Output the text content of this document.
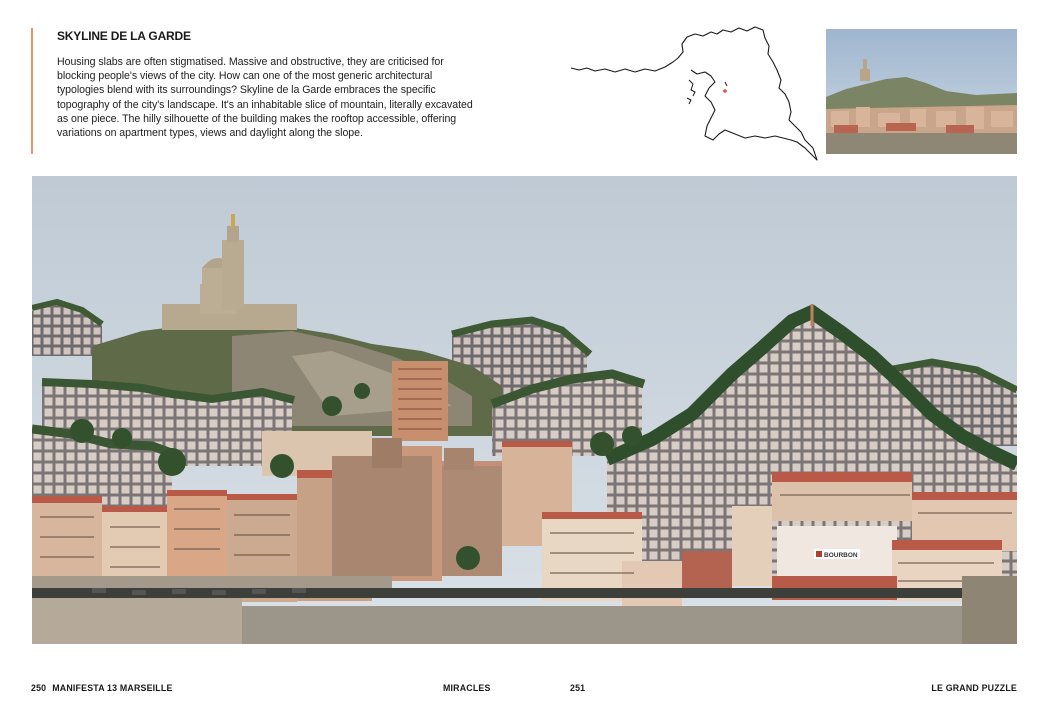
SKYLINE DE LA GARDE

Housing slabs are often stigmatised. Massive and obstructive, they are criticised for blocking people's views of the city. How can one of the most generic architectural typologies blend with its surroundings? Skyline de la Garde embraces the specific topography of the city's landscape. It's an inhabitable slice of mountain, literally excavated as one piece. The hilly silhouette of the building makes the rooftop accessible, offering variations on apartment types, views and daylight along the slope.

BOURBON
250 MANIFESTA 13 MARSEILLE	MIRACLES	251	LE GRAND PUZZLE
